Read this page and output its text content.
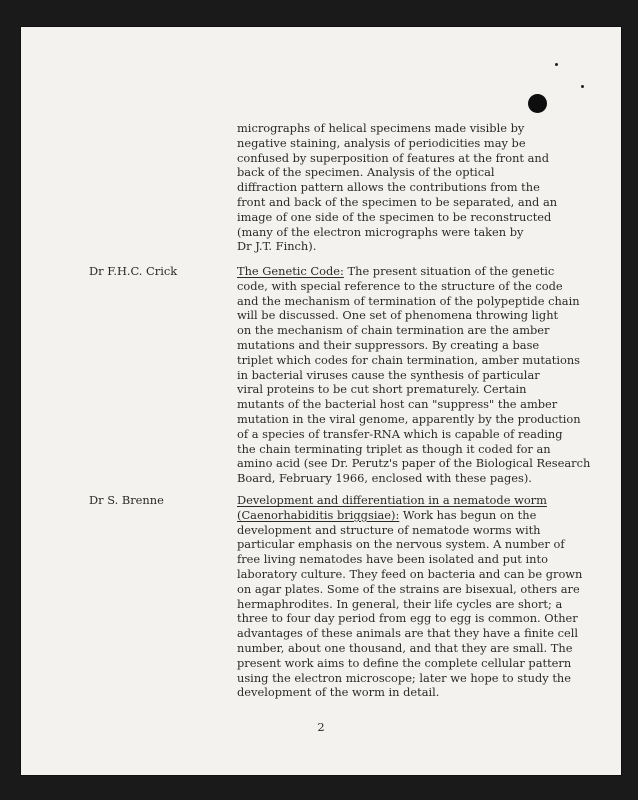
micrographs of helical specimens made visible by
negative staining, analysis of periodicities may be
confused by superposition of features at the front and
back of the specimen. Analysis of the optical
diffraction pattern allows the contributions from the
front and back of the specimen to be separated, and an
image of one side of the specimen to be reconstructed
(many of the electron micrographs were taken by
Dr J.T. Finch).
Dr F.H.C. Crick	The Genetic Code: The present situation of the genetic
code, with special reference to the structure of the code
and the mechanism of termination of the polypeptide chain
will be discussed. One set of phenomena throwing light
on the mechanism of chain termination are the amber
mutations and their suppressors. By creating a base
triplet which codes for chain termination, amber mutations
in bacterial viruses cause the synthesis of particular
viral proteins to be cut short prematurely. Certain
mutants of the bacterial host can "suppress" the amber
mutation in the viral genome, apparently by the production
of a species of transfer-RNA which is capable of reading
the chain terminating triplet as though it coded for an
amino acid (see Dr. Perutz's paper of the Biological Research
Board, February 1966, enclosed with these pages).
Dr S. Brenne	Development and differentiation in a nematode worm
(Caenorhabiditis briggsiae): Work has begun on the
development and structure of nematode worms with
particular emphasis on the nervous system. A number of
free living nematodes have been isolated and put into
laboratory culture. They feed on bacteria and can be grown
on agar plates. Some of the strains are bisexual, others are
hermaphrodites. In general, their life cycles are short; a
three to four day period from egg to egg is common. Other
advantages of these animals are that they have a finite cell
number, about one thousand, and that they are small. The
present work aims to define the complete cellular pattern
using the electron microscope; later we hope to study the
development of the worm in detail.
2
